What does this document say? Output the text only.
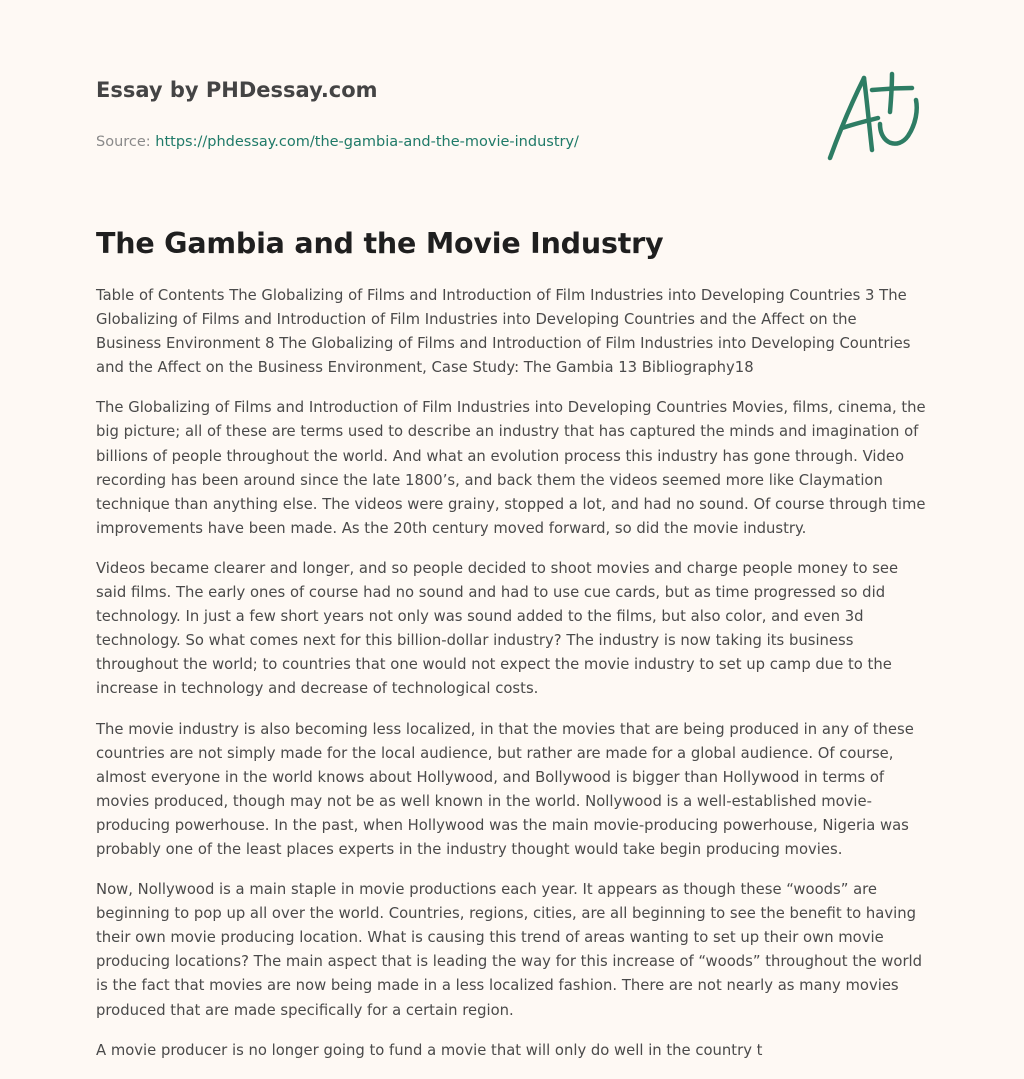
Essay by PHDessay.com
Source: https://phdessay.com/the-gambia-and-the-movie-industry/
The Gambia and the Movie Industry

Table of Contents The Globalizing of Films and Introduction of Film Industries into Developing Countries 3 The Globalizing of Films and Introduction of Film Industries into Developing Countries and the Affect on the Business Environment 8 The Globalizing of Films and Introduction of Film Industries into Developing Countries and the Affect on the Business Environment, Case Study: The Gambia 13 Bibliography18

The Globalizing of Films and Introduction of Film Industries into Developing Countries Movies, films, cinema, the big picture; all of these are terms used to describe an industry that has captured the minds and imagination of billions of people throughout the world. And what an evolution process this industry has gone through. Video recording has been around since the late 1800’s, and back them the videos seemed more like Claymation technique than anything else. The videos were grainy, stopped a lot, and had no sound. Of course through time improvements have been made. As the 20th century moved forward, so did the movie industry.

Videos became clearer and longer, and so people decided to shoot movies and charge people money to see said films. The early ones of course had no sound and had to use cue cards, but as time progressed so did technology. In just a few short years not only was sound added to the films, but also color, and even 3d technology. So what comes next for this billion-dollar industry? The industry is now taking its business throughout the world; to countries that one would not expect the movie industry to set up camp due to the increase in technology and decrease of technological costs.

The movie industry is also becoming less localized, in that the movies that are being produced in any of these countries are not simply made for the local audience, but rather are made for a global audience. Of course, almost everyone in the world knows about Hollywood, and Bollywood is bigger than Hollywood in terms of movies produced, though may not be as well known in the world. Nollywood is a well-established movie-producing powerhouse. In the past, when Hollywood was the main movie-producing powerhouse, Nigeria was probably one of the least places experts in the industry thought would take begin producing movies.

Now, Nollywood is a main staple in movie productions each year. It appears as though these “woods” are beginning to pop up all over the world. Countries, regions, cities, are all beginning to see the benefit to having their own movie producing location. What is causing this trend of areas wanting to set up their own movie producing locations? The main aspect that is leading the way for this increase of “woods” throughout the world is the fact that movies are now being made in a less localized fashion. There are not nearly as many movies produced that are made specifically for a certain region.

A movie producer is no longer going to fund a movie that will only do well in the country t
